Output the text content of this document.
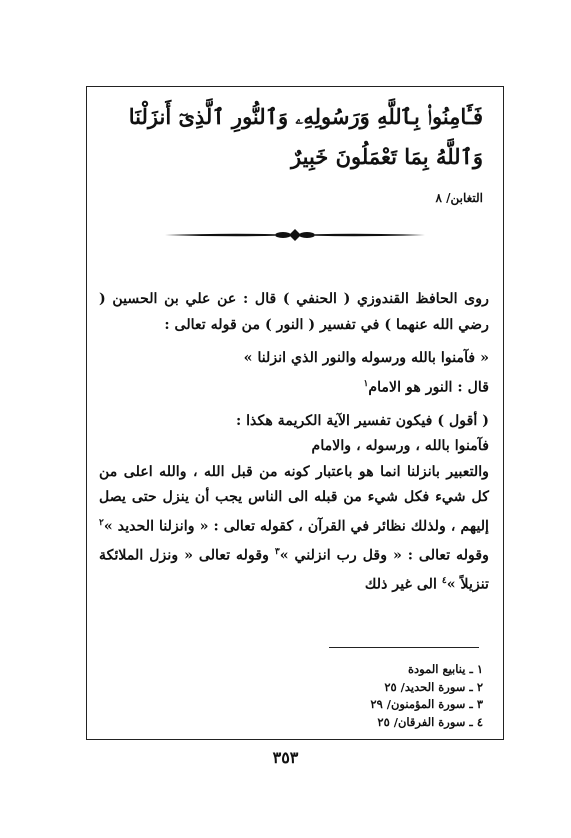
فَـَٔامِنُوا۟ بِٱللَّهِ وَرَسُولِهِۦ وَٱلنُّورِ ٱلَّذِىٓ أَنزَلْنَا
وَٱللَّهُ بِمَا تَعْمَلُونَ خَبِيرٌ
التغابن/ ٨

روى الحافظ القندوزي ( الحنفي ) قال : عن علي بن الحسين ( رضي الله عنهما ) في تفسير ( النور ) من قوله تعالى :

« فآمنوا بالله ورسوله والنور الذي انزلنا »

قال : النور هو الامام$^١$

( أقول ) فيكون تفسير الآية الكريمة هكذا :

فآمنوا بالله ، ورسوله ، والامام

والتعبير بانزلنا انما هو باعتبار كونه من قبل الله ، والله اعلى من كل شيء فكل شيء من قبله الى الناس يجب أن ينزل حتى يصل إليهم ، ولذلك نظائر في القرآن ، كقوله تعالى : « وانزلنا الحديد »$^٢$ وقوله تعالى : « وقل رب انزلني »$^٣$ وقوله تعالى « ونزل الملائكة تنزيلاً »$^٤$ الى غير ذلك

١ ـ ينابيع المودة
٢ ـ سورة الحديد/ ٢٥
٣ ـ سورة المؤمنون/ ٢٩
٤ ـ سورة الفرقان/ ٢٥
٣٥٣
